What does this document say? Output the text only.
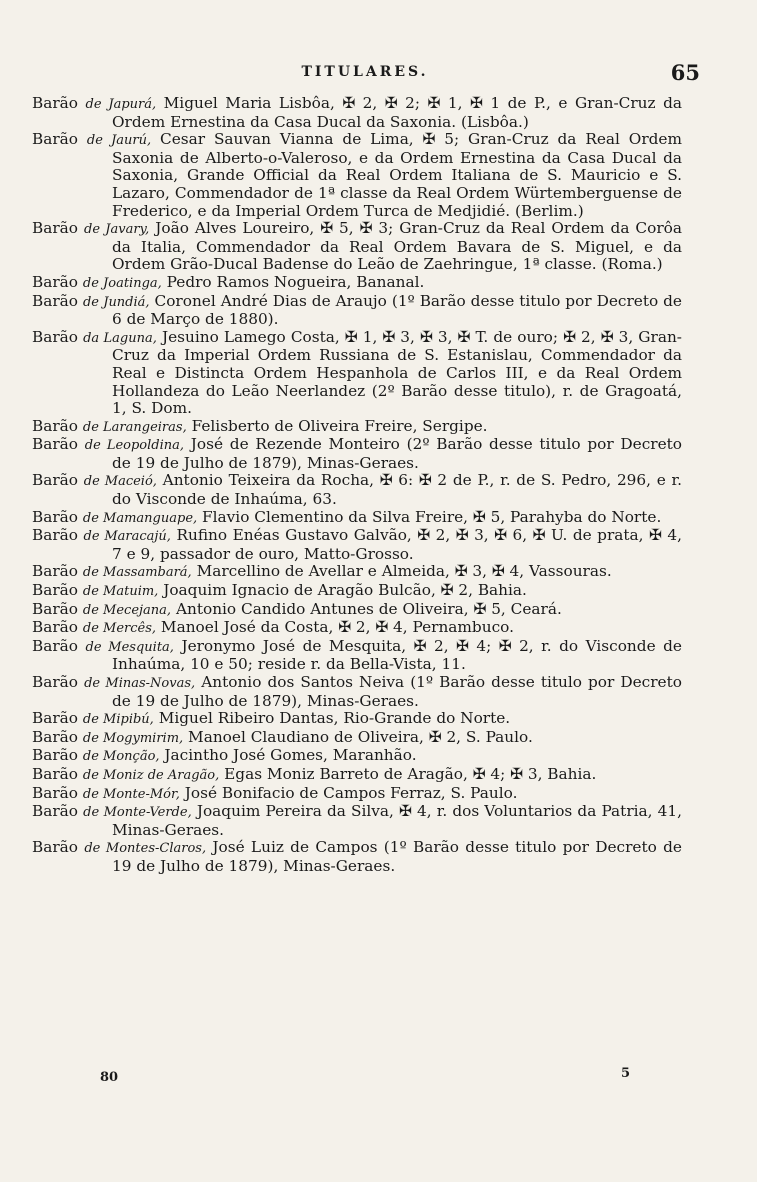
TITULARES.	65
Barão de Japurá, Miguel Maria Lisbôa, ✠ 2, ✠ 2; ✠ 1, ✠ 1 de P., e Gran-Cruz da Ordem Ernestina da Casa Ducal da Saxonia. (Lisbôa.)
Barão de Jaurú, Cesar Sauvan Vianna de Lima, ✠ 5; Gran-Cruz da Real Ordem Saxonia de Alberto-o-Valeroso, e da Ordem Ernestina da Casa Ducal da Saxonia, Grande Official da Real Ordem Italiana de S. Mauricio e S. Lazaro, Commendador de 1ª classe da Real Ordem Würtemberguense de Frederico, e da Imperial Ordem Turca de Medjidié. (Berlim.)
Barão de Javary, João Alves Loureiro, ✠ 5, ✠ 3; Gran-Cruz da Real Ordem da Corôa da Italia, Commendador da Real Ordem Bavara de S. Miguel, e da Ordem Grão-Ducal Badense do Leão de Zaehringue, 1ª classe. (Roma.)
Barão de Joatinga, Pedro Ramos Nogueira, Bananal.
Barão de Jundiá, Coronel André Dias de Araujo (1º Barão desse titulo por Decreto de 6 de Março de 1880).
Barão da Laguna, Jesuino Lamego Costa, ✠ 1, ✠ 3, ✠ 3, ✠ T. de ouro; ✠ 2, ✠ 3, Gran-Cruz da Imperial Ordem Russiana de S. Estanislau, Commendador da Real e Distincta Ordem Hespanhola de Carlos III, e da Real Ordem Hollandeza do Leão Neerlandez (2º Barão desse titulo), r. de Gragoatá, 1, S. Dom.
Barão de Larangeiras, Felisberto de Oliveira Freire, Sergipe.
Barão de Leopoldina, José de Rezende Monteiro (2º Barão desse titulo por Decreto de 19 de Julho de 1879), Minas-Geraes.
Barão de Maceió, Antonio Teixeira da Rocha, ✠ 6: ✠ 2 de P., r. de S. Pedro, 296, e r. do Visconde de Inhaúma, 63.
Barão de Mamanguape, Flavio Clementino da Silva Freire, ✠ 5, Parahyba do Norte.
Barão de Maracajú, Rufino Enéas Gustavo Galvão, ✠ 2, ✠ 3, ✠ 6, ✠ U. de prata, ✠ 4, 7 e 9, passador de ouro, Matto-Grosso.
Barão de Massambará, Marcellino de Avellar e Almeida, ✠ 3, ✠ 4, Vassouras.
Barão de Matuim, Joaquim Ignacio de Aragão Bulcão, ✠ 2, Bahia.
Barão de Mecejana, Antonio Candido Antunes de Oliveira, ✠ 5, Ceará.
Barão de Mercês, Manoel José da Costa, ✠ 2, ✠ 4, Pernambuco.
Barão de Mesquita, Jeronymo José de Mesquita, ✠ 2, ✠ 4; ✠ 2, r. do Visconde de Inhaúma, 10 e 50; reside r. da Bella-Vista, 11.
Barão de Minas-Novas, Antonio dos Santos Neiva (1º Barão desse titulo por Decreto de 19 de Julho de 1879), Minas-Geraes.
Barão de Mipibú, Miguel Ribeiro Dantas, Rio-Grande do Norte.
Barão de Mogymirim, Manoel Claudiano de Oliveira, ✠ 2, S. Paulo.
Barão de Monção, Jacintho José Gomes, Maranhão.
Barão de Moniz de Aragão, Egas Moniz Barreto de Aragão, ✠ 4; ✠ 3, Bahia.
Barão de Monte-Mór, José Bonifacio de Campos Ferraz, S. Paulo.
Barão de Monte-Verde, Joaquim Pereira da Silva, ✠ 4, r. dos Voluntarios da Patria, 41, Minas-Geraes.
Barão de Montes-Claros, José Luiz de Campos (1º Barão desse titulo por Decreto de 19 de Julho de 1879), Minas-Geraes.
80	5
